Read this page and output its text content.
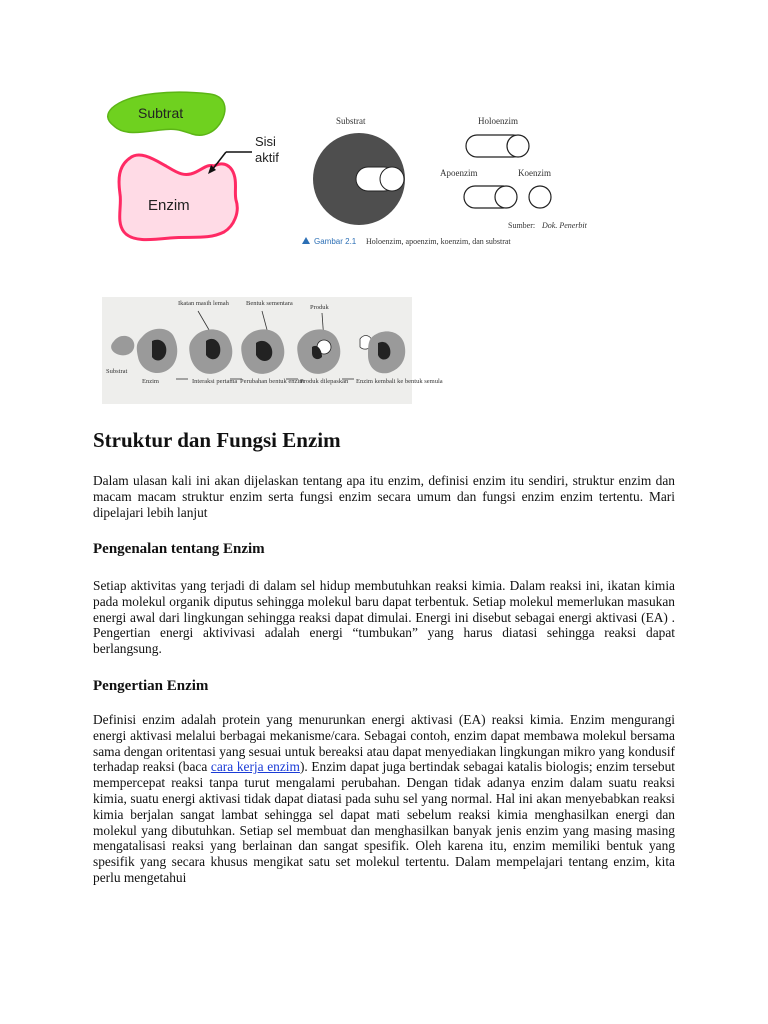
Subtrat
Enzim
Sisi
aktif
Substrat	Holoenzim
Apoenzim	Koenzim
Sumber: Dok. Penerbit
Gambar 2.1 Holoenzim, apoenzim, koenzim, dan substrat
Ikatan masih lemah	Bentuk sementara
Produk
Substrat
Enzim	Interaksi pertama Perubahan bentuk enzim
Produk dilepaskan Enzim kembali ke bentuk semula
Struktur dan Fungsi Enzim

Dalam ulasan kali ini akan dijelaskan tentang apa itu enzim, definisi enzim itu sendiri, struktur enzim dan macam macam struktur enzim serta fungsi enzim secara umum dan fungsi enzim enzim tertentu. Mari dipelajari lebih lanjut

Pengenalan tentang Enzim

Setiap aktivitas yang terjadi di dalam sel hidup membutuhkan reaksi kimia. Dalam reaksi ini, ikatan kimia pada molekul organik diputus sehingga molekul baru dapat terbentuk. Setiap molekul memerlukan masukan energi awal dari lingkungan sehingga reaksi dapat dimulai. Energi ini disebut sebagai energi aktivasi (EA) . Pengertian energi aktivivasi adalah energi “tumbukan” yang harus diatasi sehingga reaksi dapat berlangsung.

Pengertian Enzim

Definisi enzim adalah protein yang menurunkan energi aktivasi (EA) reaksi kimia. Enzim mengurangi energi aktivasi melalui berbagai mekanisme/cara. Sebagai contoh, enzim dapat membawa molekul bersama sama dengan oritentasi yang sesuai untuk bereaksi atau dapat menyediakan lingkungan mikro yang kondusif terhadap reaksi (baca cara kerja enzim). Enzim dapat juga bertindak sebagai katalis biologis; enzim tersebut mempercepat reaksi tanpa turut mengalami perubahan. Dengan tidak adanya enzim dalam suatu reaksi kimia, suatu energi aktivasi tidak dapat diatasi pada suhu sel yang normal. Hal ini akan menyebabkan reaksi kimia berjalan sangat lambat sehingga sel dapat mati sebelum reaksi kimia menghasilkan energi dan molekul yang dibutuhkan. Setiap sel membuat dan menghasilkan banyak jenis enzim yang masing masing mengatalisasi reaksi yang berlainan dan sangat spesifik. Oleh karena itu, enzim memiliki bentuk yang spesifik yang secara khusus mengikat satu set molekul tertentu. Dalam mempelajari tentang enzim, kita perlu mengetahui
